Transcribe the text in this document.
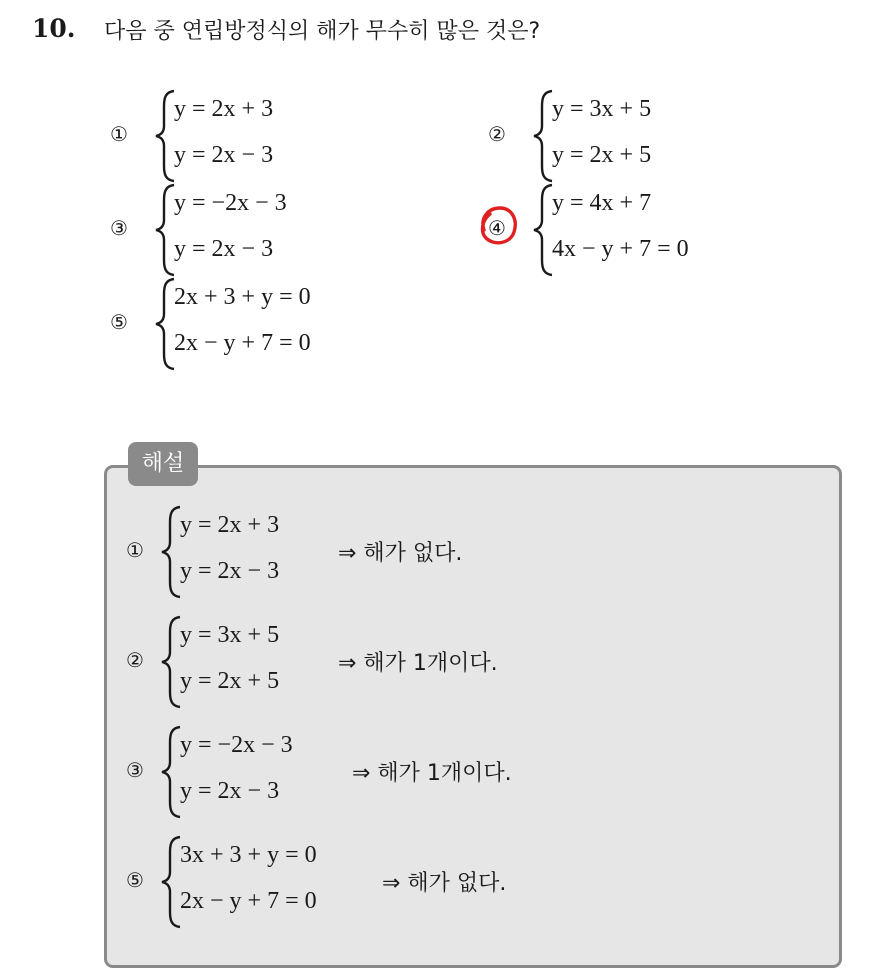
10. 다음 중 연립방정식의 해가 무수히 많은 것은?
①
y = 2x + 3
y = 2x − 3
②
y = 3x + 5
y = 2x + 5
③
y = −2x − 3
y = 2x − 3
④
y = 4x + 7
4x − y + 7 = 0
⑤
2x + 3 + y = 0
2x − y + 7 = 0
해설
①
y = 2x + 3
y = 2x − 3
⇒ 해가 없다.
②
y = 3x + 5
y = 2x + 5
⇒ 해가 1개이다.
③
y = −2x − 3
y = 2x − 3
⇒ 해가 1개이다.
⑤
3x + 3 + y = 0
2x − y + 7 = 0
⇒ 해가 없다.
